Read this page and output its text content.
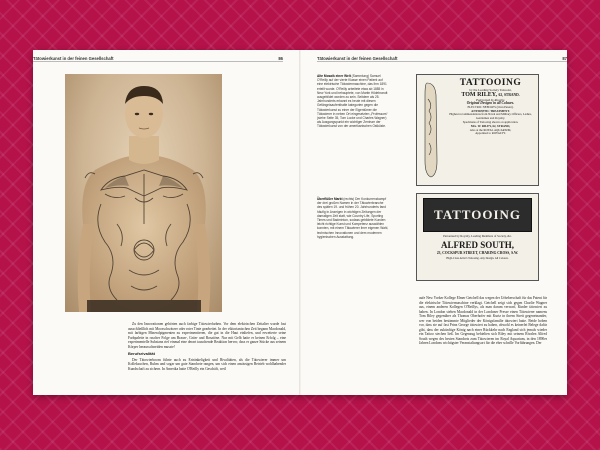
Tätowierkunst in der feinen Gesellschaft	86	Tätowierkunst in der feinen Gesellschaft	87

Zu den Innovationen gehörten auch farbige Tätowierfarben. Vor dem elektrischen Zeitalter wurde fast ausschließlich mit Moosschwärzer oder roter Tinte gearbeitet. In der viktorianischen Zeit begann Macdonald, mit farbigen Mineralpigmenten zu experimentieren, die gut in die Haut einliefen, und erweiterte seine Farbpalette in rascher Folge um Braun-, Grün- und Rosatöne. Nur mit Gelb hatte er keinen Erfolg – eine experimentelle Substanz rief einmal eine derart tauschende Reaktion hervor, dass er ganze Stücke aus seinem Körper herausschneiden musste!

Berufsrivalität

Der Tätowierboom führte auch zu Ertränkeligkeit und Rivalitäten, als die Tätowierer immer um Kolleksuchen, Ruhm und sogar um gute Standorte rangen, um sich einen ansässigen Betrieb wohlhabender Kundschaft zu sichern. In Amerika hatte O'Reilly ein Geschäft, weil

Alte Mosaik einer Welt (Sammlung) Samuel O'Reilly auf der vierte Klasse einen Patient auf eine elektrische Tätowiermaschine, das ihm 1891 erteilt wurde. O'Reilly arbeitete etwa ab 1885 in New York und behauptete, von Martin Hildebrandt ausgebildet worden zu sein. Seitdem als 25. Jahrhunderts erkannt es heute mit diesen Gefängnisaufenthalte kategorien gegen die Tätowierkunst zu einer der Eigentümer die Tätowierer in neben Ort eingesetzten „Professors“ (siehe Seite 35, Tom Locke und Charles Wagner) als Ausgangspunkt ein wichtiger Zentrum der Tätowierkunst von der amerikanischen Ostküste.
Überflüßer Markt (rechts) Der Konkurrenzkampf der drei großen Namen in der Tätowierbranche des späten 19. und frühen 20. Jahrhunderts fand häufig in Anzeigen in wichtigen Zeitungen der damaligen Zeit statt, wie Country Life, Sporting Times und Badminton, sodass gebildete Kunden leicht richtige Kunst und Kompetenz auswählen konnten, mit einem Tätowierer ihrer eigenen Wahl, technischen Innovationen und dem modernen hygienischen Ausstattung.
TATTOOING
by the Leading Society Tattooist,
TOM RILEY, 62, STRAND.
Patronised by Royalty.
Original Designs in all Colours.
ELECTRIC NEEDLES (Own Patent).
ANTISEPTIC TREATMENT.
Highest recommendations from Naval and Military Officers, Ladies, Gentlemen and Royalty.
Specimens of Tattooing shown on application.
Mrs. W. RILEY, 62, STRAND,
Also at the ROYAL AQUARIUM,
Appointed to ROYALTY.
TATTOOING
Patronised by Royalty, Leading Members of Society, &c.
ALFRED SOUTH,
23, COCKSPUR STREET, CHARING CROSS, S.W.
High-Class Artist's Tattooing. Any Design. All Colours.

aufe New Yorker Kollege Elmer Getchell das wegen der Urheberschaft für das Patent für die elektrische Tätowiermaschine verklagt. Getchell zeigt sich gegen Charlie Wagner aus, einem anderen Kollegen O'Reillys, als man darum verwarf, Kinder tätowiert zu haben. In London stehen Macdonald in der Londoner Presse einen Tätowierer namens Tom Riley gegenüber als Thomas Oberhofer mit Kurtz in ihrem Streit gegeneinander, wer von beiden bestimmte Mitglieder der Königsfamilie tätowiert hatte. Beide hoben vor, dass sie auf fast Prinz George tätowiert zu haben, obwohl es keinerlei Belege dafür gibt, dass der zukünftige König nach einer Rückkehr nach England sich jemals wieder ein Tattoo stechen ließ. Im Gegenzug behielten sich Riley mit seinem Rivalen Alfred South wegen des besten Standorts zum Tätowieren im Royal Aquarium, in den 1890er Jahren Londons wichtigster Veranstaltungsort für die eher schrille Vorführungen. Der
